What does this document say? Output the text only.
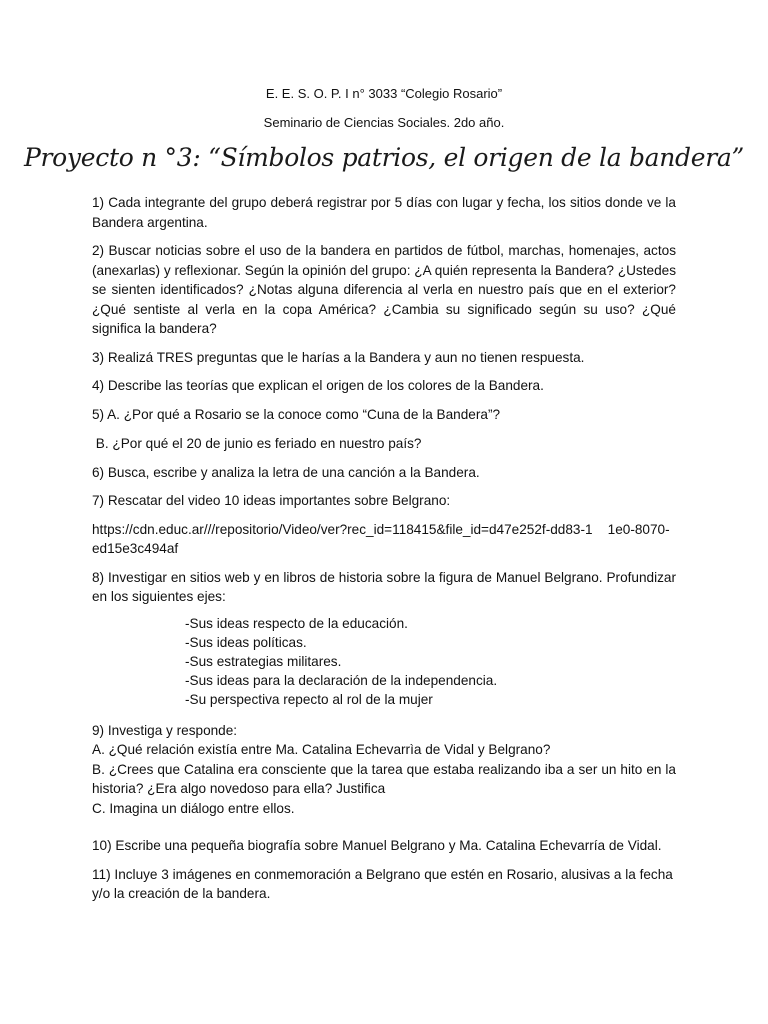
E. E. S. O. P. I n° 3033 “Colegio Rosario”
Seminario de Ciencias Sociales. 2do año.
Proyecto n °3: “Símbolos patrios, el origen de la bandera”

1) Cada integrante del grupo deberá registrar por 5 días con lugar y fecha, los sitios donde ve la Bandera argentina.

2) Buscar noticias sobre el uso de la bandera en partidos de fútbol, marchas, homenajes, actos (anexarlas) y reflexionar. Según la opinión del grupo: ¿A quién representa la Bandera? ¿Ustedes se sienten identificados? ¿Notas alguna diferencia al verla en nuestro país que en el exterior? ¿Qué sentiste al verla en la copa América? ¿Cambia su significado según su uso? ¿Qué significa la bandera?

3) Realizá TRES preguntas que le harías a la Bandera y aun no tienen respuesta.

4) Describe las teorías que explican el origen de los colores de la Bandera.

5) A. ¿Por qué a Rosario se la conoce como “Cuna de la Bandera”?

B. ¿Por qué el 20 de junio es feriado en nuestro país?

6) Busca, escribe y analiza la letra de una canción a la Bandera.

7) Rescatar del video 10 ideas importantes sobre Belgrano:

https://cdn.educ.ar///repositorio/Video/ver?rec_id=118415&file_id=d47e252f-dd83-1    1e0-8070-ed15e3c494af

8) Investigar en sitios web y en libros de historia sobre la figura de Manuel Belgrano. Profundizar en los siguientes ejes:

-Sus ideas respecto de la educación.
-Sus ideas políticas.
-Sus estrategias militares.
-Sus ideas para la declaración de la independencia.
-Su perspectiva repecto al rol de la mujer
9) Investiga y responde:
A. ¿Qué relación existía entre Ma. Catalina Echevarrìa de Vidal y Belgrano?
B. ¿Crees que Catalina era consciente que la tarea que estaba realizando iba a ser un hito en la historia? ¿Era algo novedoso para ella? Justifica
C. Imagina un diálogo entre ellos.

10) Escribe una pequeña biografía sobre Manuel Belgrano y Ma. Catalina Echevarría de Vidal.

11) Incluye 3 imágenes en conmemoración a Belgrano que estén en Rosario, alusivas a la fecha y/o la creación de la bandera.
